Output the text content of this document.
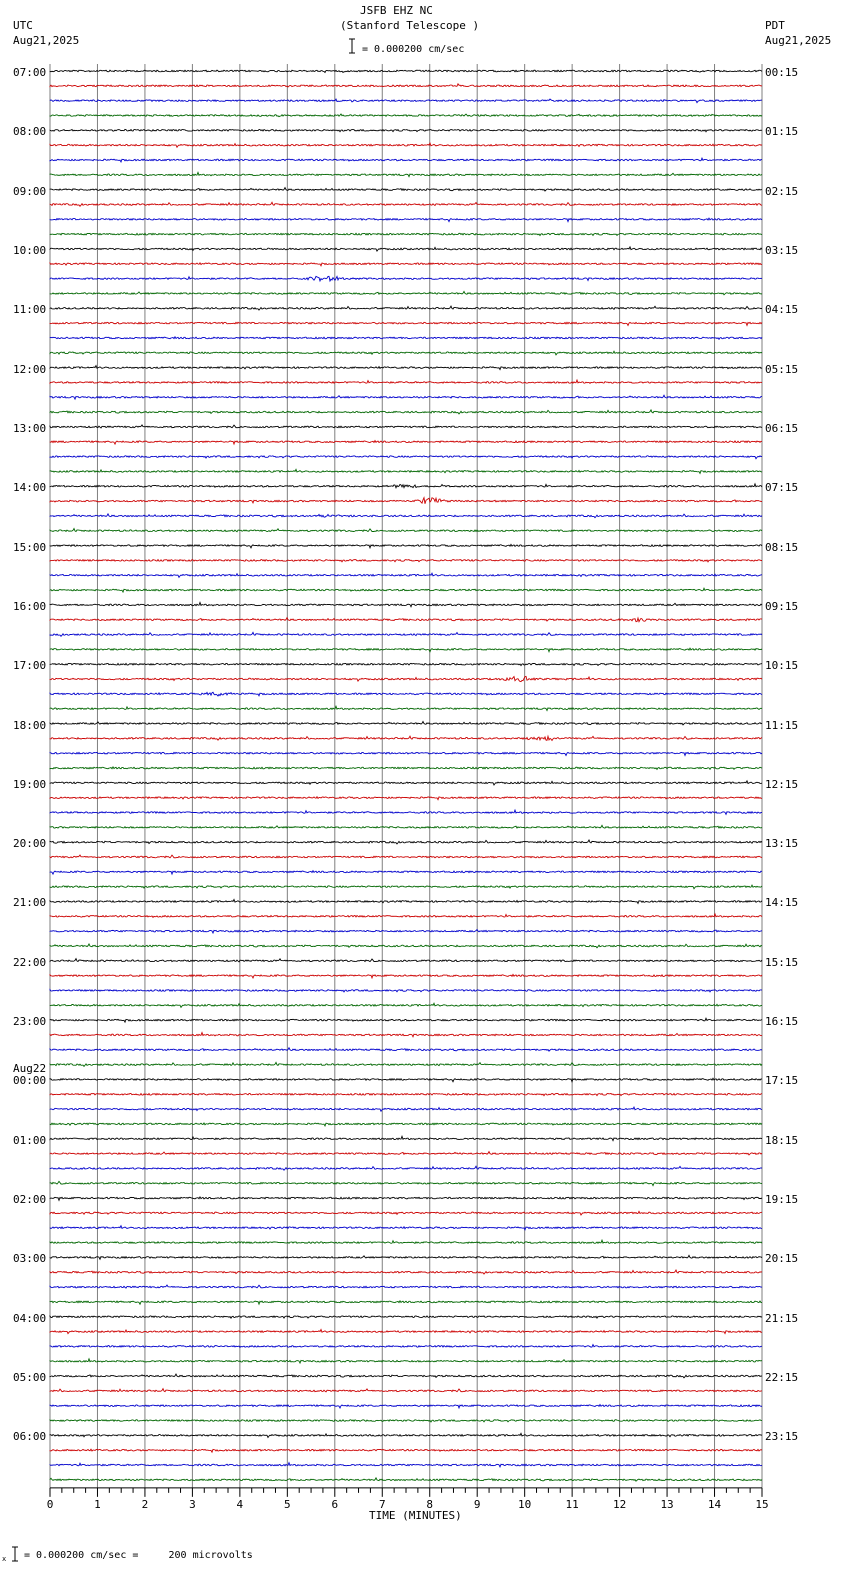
0	1	2	3	4	5	6	7	8	9	10	11	12	13	14	15
JSFB EHZ NC
(Stanford Telescope )
= 0.000200 cm/sec
UTC
Aug21,2025
PDT
Aug21,2025
07:00
08:00
09:00
10:00
11:00
12:00
13:00
14:00
15:00
16:00
17:00
18:00
19:00
20:00
21:00
22:00
23:00
Aug22
00:00
01:00
02:00
03:00
04:00
05:00
06:00
00:15
01:15
02:15
03:15
04:15
05:15
06:15
07:15
08:15
09:15
10:15
11:15
12:15
13:15
14:15
15:15
16:15
17:15
18:15
19:15
20:15
21:15
22:15
23:15
TIME (MINUTES)
x = 0.000200 cm/sec =     200 microvolts
